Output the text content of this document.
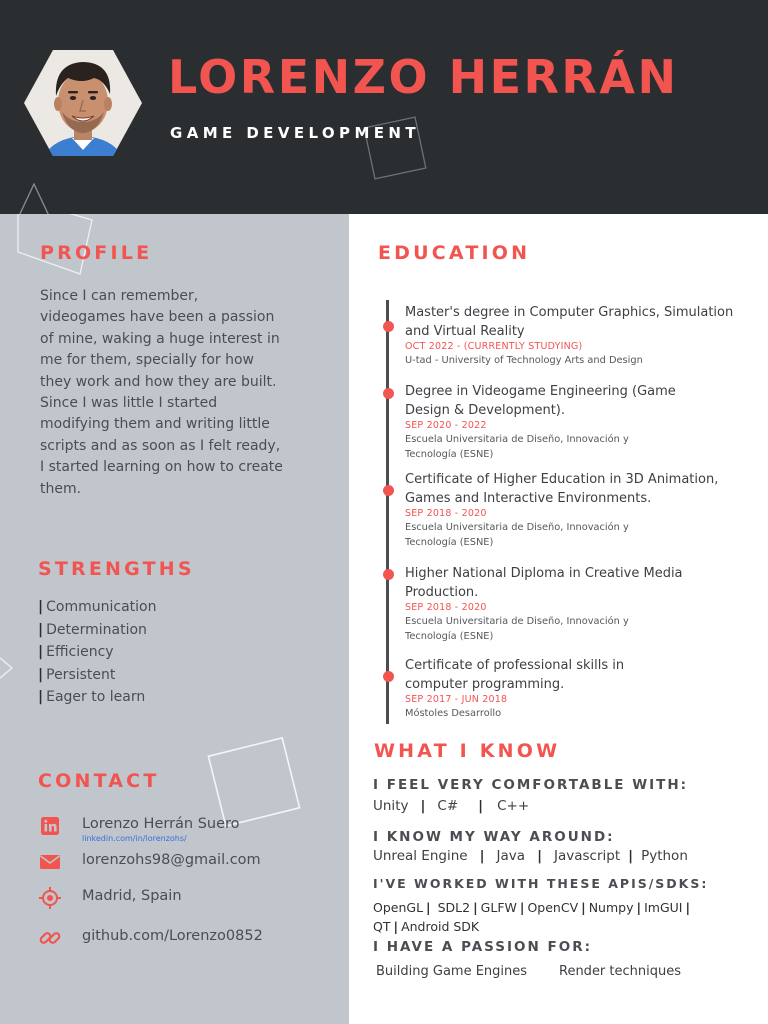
LORENZO HERRÁN
GAME DEVELOPMENT
PROFILE

Since I can remember, videogames have been a passion of mine, waking a huge interest in me for them, specially for how they work and how they are built. Since I was little I started modifying them and writing little scripts and as soon as I felt ready, I started learning on how to create them.

STRENGTHS
| Communication
| Determination
| Efficiency
| Persistent
| Eager to learn
CONTACT
Lorenzo Herrán Suero
linkedin.com/in/lorenzohs/
lorenzohs98@gmail.com
Madrid, Spain
github.com/Lorenzo0852
EDUCATION
Master's degree in Computer Graphics, Simulation and Virtual Reality
OCT 2022 - (CURRENTLY STUDYING)
U-tad - University of Technology Arts and Design
Degree in Videogame Engineering (Game Design & Development).
SEP 2020 - 2022
Escuela Universitaria de Diseño, Innovación y Tecnología (ESNE)
Certificate of Higher Education in 3D Animation, Games and Interactive Environments.
SEP 2018 - 2020
Escuela Universitaria de Diseño, Innovación y Tecnología (ESNE)
Higher National Diploma in Creative Media Production.
SEP 2018 - 2020
Escuela Universitaria de Diseño, Innovación y Tecnología (ESNE)
Certificate of professional skills in computer programming.
SEP 2017 - JUN 2018
Móstoles Desarrollo
WHAT I KNOW
I FEEL VERY COMFORTABLE WITH:
Unity | C# | C++
I KNOW MY WAY AROUND:
Unreal Engine | Java | Javascript | Python
I'VE WORKED WITH THESE APIS/SDKS:
OpenGL | SDL2 | GLFW | OpenCV | Numpy | ImGUI |
QT | Android SDK
I HAVE A PASSION FOR:
Building Game Engines Render techniques
